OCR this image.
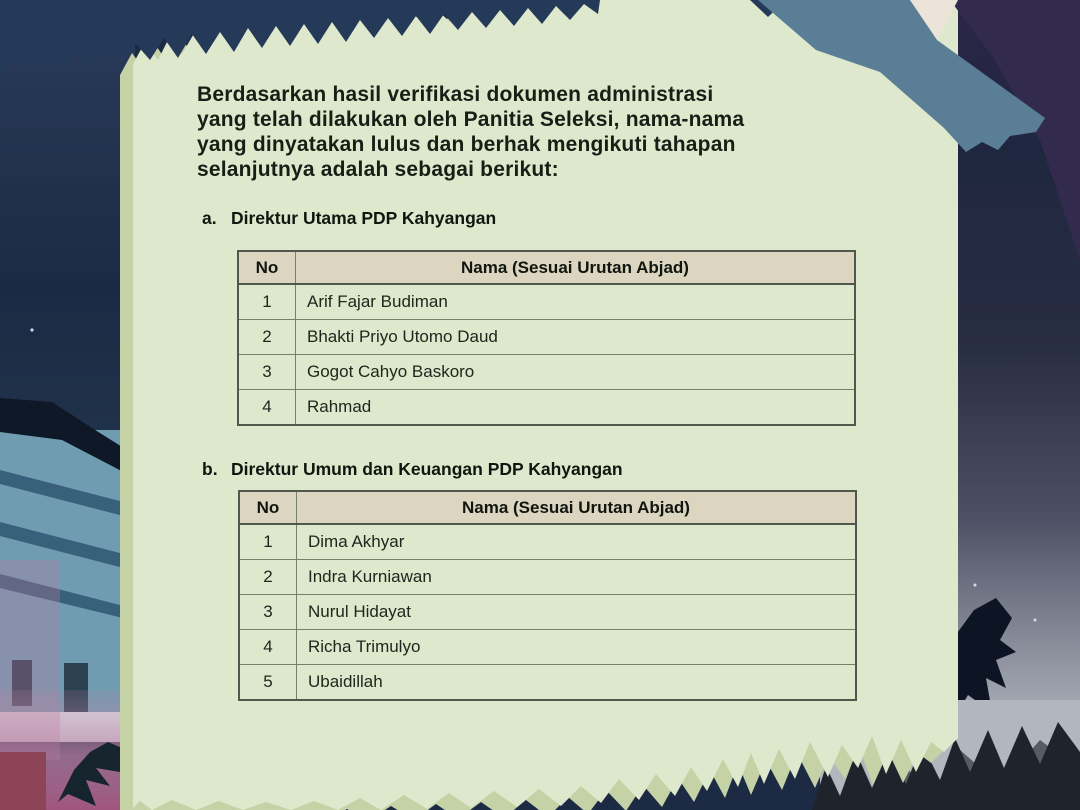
Berdasarkan hasil verifikasi dokumen administrasi
yang telah dilakukan oleh Panitia Seleksi, nama-nama
yang dinyatakan lulus dan berhak mengikuti tahapan
selanjutnya adalah sebagai berikut:
a. Direktur Utama PDP Kahyangan
No	Nama (Sesuai Urutan Abjad)
1	Arif Fajar Budiman
2	Bhakti Priyo Utomo Daud
3	Gogot Cahyo Baskoro
4	Rahmad
b. Direktur Umum dan Keuangan PDP Kahyangan
No	Nama (Sesuai Urutan Abjad)
1	Dima Akhyar
2	Indra Kurniawan
3	Nurul Hidayat
4	Richa Trimulyo
5	Ubaidillah
